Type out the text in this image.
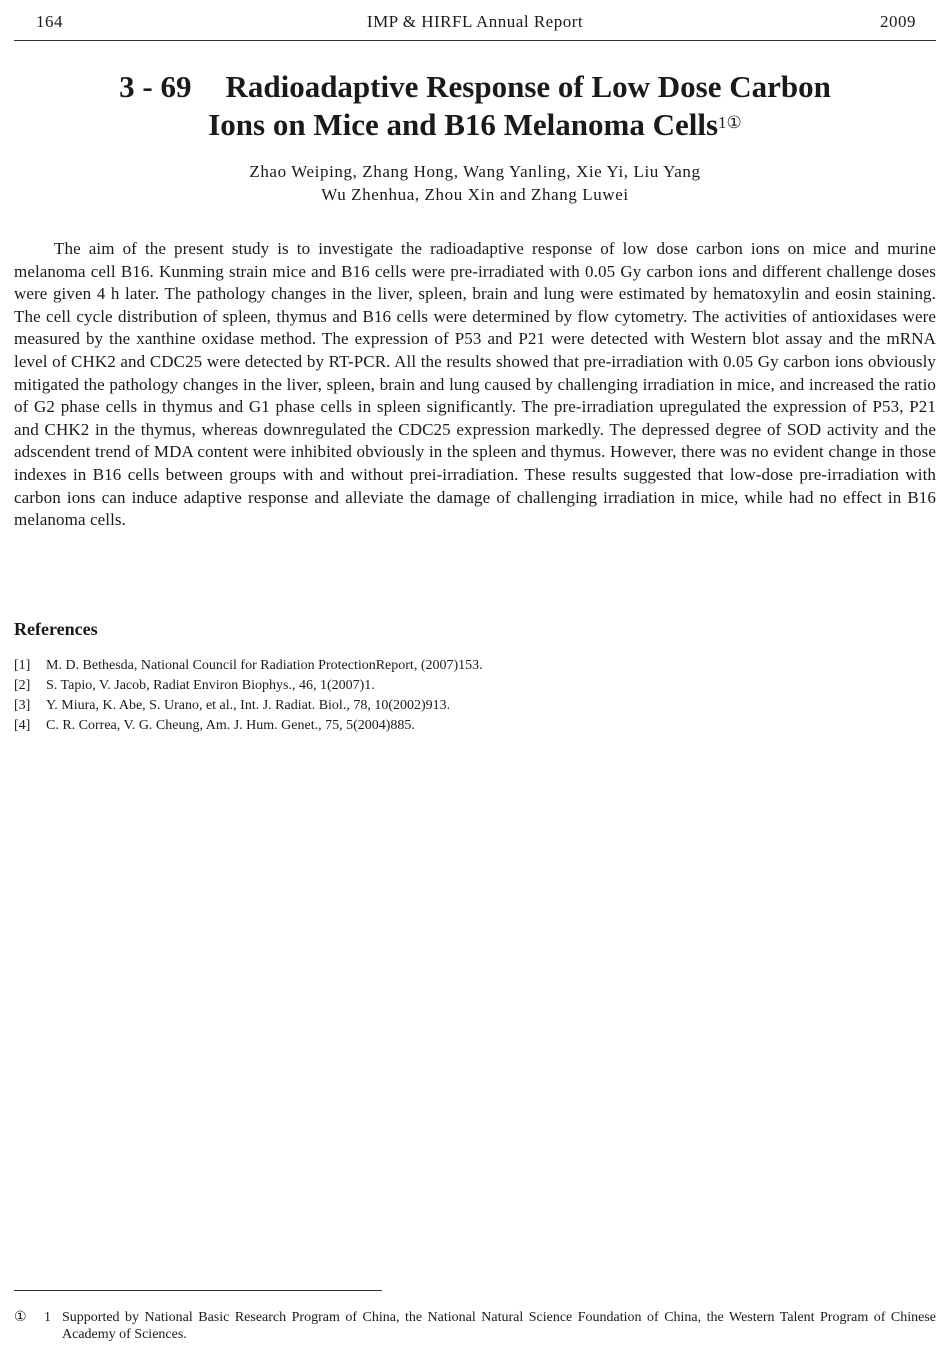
164	IMP & HIRFL Annual Report	2009
3 - 69 Radioadaptive Response of Low Dose Carbon
Ions on Mice and B16 Melanoma Cells$^{1①}$
Zhao Weiping, Zhang Hong, Wang Yanling, Xie Yi, Liu Yang
Wu Zhenhua, Zhou Xin and Zhang Luwei

The aim of the present study is to investigate the radioadaptive response of low dose carbon ions on mice and murine melanoma cell B16. Kunming strain mice and B16 cells were pre-irradiated with 0.05 Gy carbon ions and different challenge doses were given 4 h later. The pathology changes in the liver, spleen, brain and lung were estimated by hematoxylin and eosin staining. The cell cycle distribution of spleen, thymus and B16 cells were determined by flow cytometry. The activities of antioxidases were measured by the xanthine oxidase method. The expression of P53 and P21 were detected with Western blot assay and the mRNA level of CHK2 and CDC25 were detected by RT-PCR. All the results showed that pre-irradiation with 0.05 Gy carbon ions obviously mitigated the pathology changes in the liver, spleen, brain and lung caused by challenging irradiation in mice, and increased the ratio of G2 phase cells in thymus and G1 phase cells in spleen significantly. The pre-irradiation upregulated the expression of P53, P21 and CHK2 in the thymus, whereas downregulated the CDC25 expression markedly. The depressed degree of SOD activity and the adscendent trend of MDA content were inhibited obviously in the spleen and thymus. However, there was no evident change in those indexes in B16 cells between groups with and without prei-irradiation. These results suggested that low-dose pre-irradiation with carbon ions can induce adaptive response and alleviate the damage of challenging irradiation in mice, while had no effect in B16 melanoma cells.

References
[1] M. D. Bethesda, National Council for Radiation ProtectionReport, (2007)153.
[2] S. Tapio, V. Jacob, Radiat Environ Biophys., 46, 1(2007)1.
[3] Y. Miura, K. Abe, S. Urano, et al., Int. J. Radiat. Biol., 78, 10(2002)913.
[4] C. R. Correa, V. G. Cheung, Am. J. Hum. Genet., 75, 5(2004)885.
① 1 Supported by National Basic Research Program of China, the National Natural Science Foundation of China, the Western Talent Program of Chinese Academy of Sciences.
